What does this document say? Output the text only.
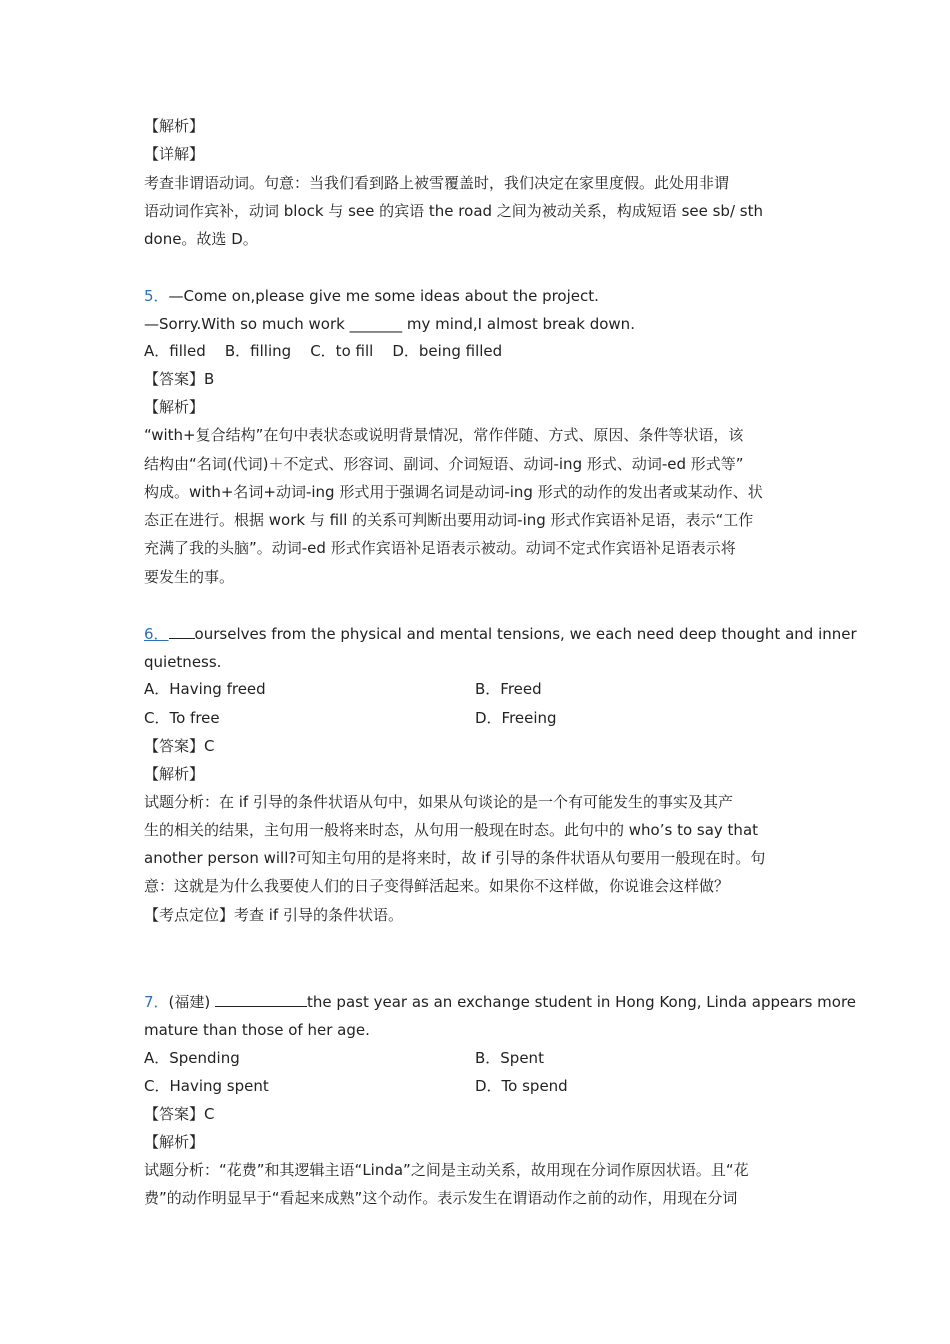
【解析】
【详解】
考查非谓语动词。句意：当我们看到路上被雪覆盖时，我们决定在家里度假。此处用非谓
语动词作宾补，动词 block 与 see 的宾语 the road 之间为被动关系，构成短语 see sb/ sth
done。故选 D。
5．—Come on,please give me some ideas about the project.
—Sorry.With so much work _______ my mind,I almost break down.
A．filled    B．filling    C．to fill    D．being filled
【答案】B
【解析】
“with+复合结构”在句中表状态或说明背景情况，常作伴随、方式、原因、条件等状语，该
结构由“名词(代词)＋不定式、形容词、副词、介词短语、动词-ing 形式、动词-ed 形式等”
构成。with+名词+动词-ing 形式用于强调名词是动词-ing 形式的动作的发出者或某动作、状
态正在进行。根据 work 与 fill 的关系可判断出要用动词-ing 形式作宾语补足语，表示“工作
充满了我的头脑”。动词-ed 形式作宾语补足语表示被动。动词不定式作宾语补足语表示将
要发生的事。
6． ourselves from the physical and mental tensions, we each need deep thought and inner
quietness.
A．Having freed	B．Freed
C．To free	D．Freeing
【答案】C
【解析】
试题分析：在 if 引导的条件状语从句中，如果从句谈论的是一个有可能发生的事实及其产
生的相关的结果，主句用一般将来时态，从句用一般现在时态。此句中的 who’s to say that
another person will?可知主句用的是将来时，故 if 引导的条件状语从句要用一般现在时。句
意：这就是为什么我要使人们的日子变得鲜活起来。如果你不这样做，你说谁会这样做？
【考点定位】考查 if 引导的条件状语。
7．(福建)	the past year as an exchange student in Hong Kong, Linda appears more
mature than those of her age.
A．Spending	B．Spent
C．Having spent	D．To spend
【答案】C
【解析】
试题分析：“花费”和其逻辑主语“Linda”之间是主动关系，故用现在分词作原因状语。且“花
费”的动作明显早于“看起来成熟”这个动作。表示发生在谓语动作之前的动作，用现在分词
